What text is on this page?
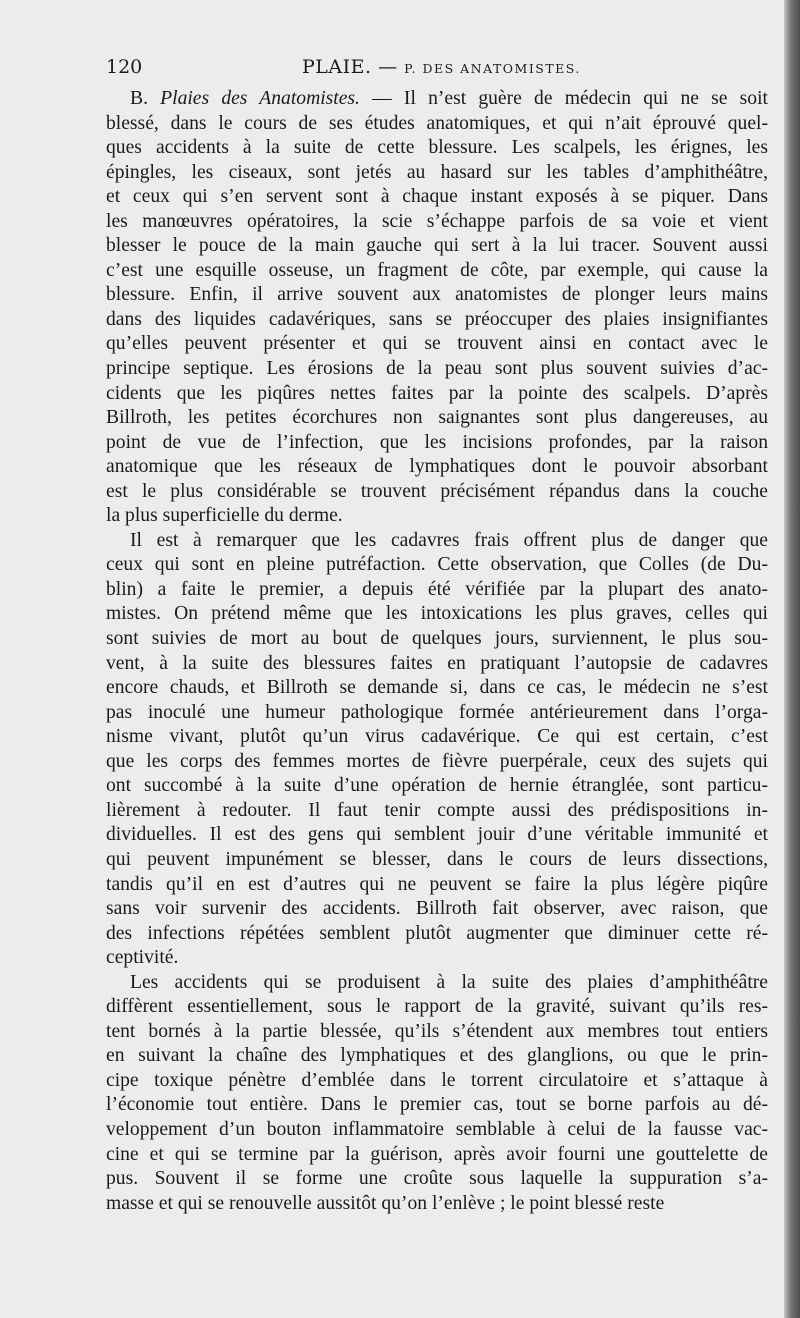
120	PLAIE. — P. DES ANATOMISTES.
B. Plaies des Anatomistes. — Il n’est guère de médecin qui ne se soit
blessé, dans le cours de ses études anatomiques, et qui n’ait éprouvé quel-
ques accidents à la suite de cette blessure. Les scalpels, les érignes, les
épingles, les ciseaux, sont jetés au hasard sur les tables d’amphithéâtre,
et ceux qui s’en servent sont à chaque instant exposés à se piquer. Dans
les manœuvres opératoires, la scie s’échappe parfois de sa voie et vient
blesser le pouce de la main gauche qui sert à la lui tracer. Souvent aussi
c’est une esquille osseuse, un fragment de côte, par exemple, qui cause la
blessure. Enfin, il arrive souvent aux anatomistes de plonger leurs mains
dans des liquides cadavériques, sans se préoccuper des plaies insignifiantes
qu’elles peuvent présenter et qui se trouvent ainsi en contact avec le
principe septique. Les érosions de la peau sont plus souvent suivies d’ac-
cidents que les piqûres nettes faites par la pointe des scalpels. D’après
Billroth, les petites écorchures non saignantes sont plus dangereuses, au
point de vue de l’infection, que les incisions profondes, par la raison
anatomique que les réseaux de lymphatiques dont le pouvoir absorbant
est le plus considérable se trouvent précisément répandus dans la couche
la plus superficielle du derme.
Il est à remarquer que les cadavres frais offrent plus de danger que
ceux qui sont en pleine putréfaction. Cette observation, que Colles (de Du-
blin) a faite le premier, a depuis été vérifiée par la plupart des anato-
mistes. On prétend même que les intoxications les plus graves, celles qui
sont suivies de mort au bout de quelques jours, surviennent, le plus sou-
vent, à la suite des blessures faites en pratiquant l’autopsie de cadavres
encore chauds, et Billroth se demande si, dans ce cas, le médecin ne s’est
pas inoculé une humeur pathologique formée antérieurement dans l’orga-
nisme vivant, plutôt qu’un virus cadavérique. Ce qui est certain, c’est
que les corps des femmes mortes de fièvre puerpérale, ceux des sujets qui
ont succombé à la suite d’une opération de hernie étranglée, sont particu-
lièrement à redouter. Il faut tenir compte aussi des prédispositions in-
dividuelles. Il est des gens qui semblent jouir d’une véritable immunité et
qui peuvent impunément se blesser, dans le cours de leurs dissections,
tandis qu’il en est d’autres qui ne peuvent se faire la plus légère piqûre
sans voir survenir des accidents. Billroth fait observer, avec raison, que
des infections répétées semblent plutôt augmenter que diminuer cette ré-
ceptivité.
Les accidents qui se produisent à la suite des plaies d’amphithéâtre
diffèrent essentiellement, sous le rapport de la gravité, suivant qu’ils res-
tent bornés à la partie blessée, qu’ils s’étendent aux membres tout entiers
en suivant la chaîne des lymphatiques et des glanglions, ou que le prin-
cipe toxique pénètre d’emblée dans le torrent circulatoire et s’attaque à
l’économie tout entière. Dans le premier cas, tout se borne parfois au dé-
veloppement d’un bouton inflammatoire semblable à celui de la fausse vac-
cine et qui se termine par la guérison, après avoir fourni une gouttelette de
pus. Souvent il se forme une croûte sous laquelle la suppuration s’a-
masse et qui se renouvelle aussitôt qu’on l’enlève ; le point blessé reste
